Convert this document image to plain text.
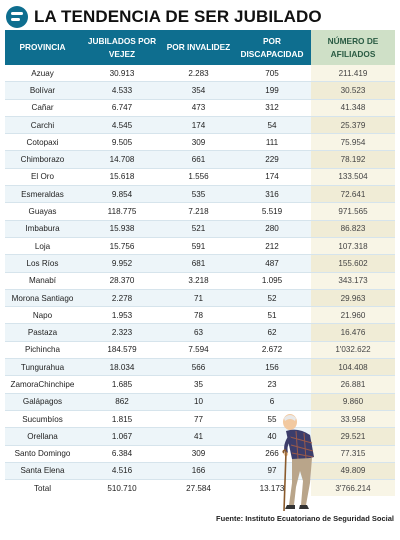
LA TENDENCIA DE SER JUBILADO
PROVINCIA	JUBILADOS POR VEJEZ	POR INVALIDEZ	POR DISCAPACIDAD	NÚMERO DE AFILIADOS
Azuay	30.913	2.283	705	211.419
Bolívar	4.533	354	199	30.523
Cañar	6.747	473	312	41.348
Carchi	4.545	174	54	25.379
Cotopaxi	9.505	309	111	75.954
Chimborazo	14.708	661	229	78.192
El Oro	15.618	1.556	174	133.504
Esmeraldas	9.854	535	316	72.641
Guayas	118.775	7.218	5.519	971.565
Imbabura	15.938	521	280	86.823
Loja	15.756	591	212	107.318
Los Ríos	9.952	681	487	155.602
Manabí	28.370	3.218	1.095	343.173
Morona Santiago	2.278	71	52	29.963
Napo	1.953	78	51	21.960
Pastaza	2.323	63	62	16.476
Pichincha	184.579	7.594	2.672	1'032.622
Tungurahua	18.034	566	156	104.408
ZamoraChinchipe	1.685	35	23	26.881
Galápagos	862	10	6	9.860
Sucumbíos	1.815	77	55	33.958
Orellana	1.067	41	40	29.521
Santo Domingo	6.384	309	266	77.315
Santa Elena	4.516	166	97	49.809
Total	510.710	27.584	13.173	3'766.214
Fuente: Instituto Ecuatoriano de Seguridad Social
